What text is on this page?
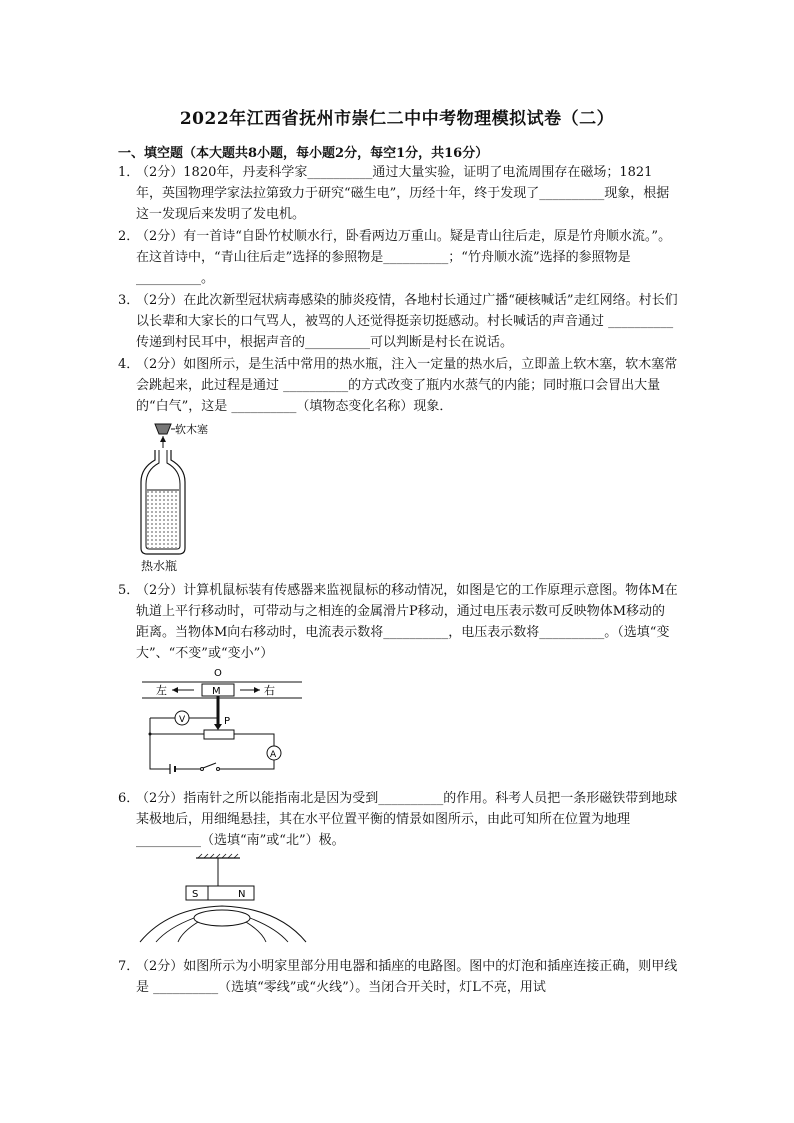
2022年江西省抚州市崇仁二中中考物理模拟试卷（二）
一、填空题（本大题共8小题，每小题2分，每空1分，共16分）
1．
（2分）1820年，丹麦科学家__________通过大量实验，证明了电流周围存在磁场；1821年，英国物理学家法拉第致力于研究“磁生电”，历经十年，终于发现了__________现象，根据这一发现后来发明了发电机。
2．
（2分）有一首诗“自卧竹杖顺水行，卧看两边万重山。疑是青山往后走，原是竹舟顺水流。”。在这首诗中，“青山往后走”选择的参照物是__________；“竹舟顺水流”选择的参照物是__________。
3．
（2分）在此次新型冠状病毒感染的肺炎疫情，各地村长通过广播“硬核喊话”走红网络。村长们以长辈和大家长的口气骂人，被骂的人还觉得挺亲切挺感动。村长喊话的声音通过 __________传递到村民耳中，根据声音的__________可以判断是村长在说话。
4．
（2分）如图所示，是生活中常用的热水瓶，注入一定量的热水后，立即盖上软木塞，软木塞常会跳起来，此过程是通过 __________的方式改变了瓶内水蒸气的内能；同时瓶口会冒出大量的“白气”，这是 __________（填物态变化名称）现象．
软木塞
热水瓶
5．
（2分）计算机鼠标装有传感器来监视鼠标的移动情况，如图是它的工作原理示意图。物体M在轨道上平行移动时，可带动与之相连的金属滑片P移动，通过电压表示数可反映物体M移动的距离。当物体M向右移动时，电流表示数将__________，电压表示数将__________。（选填“变大”、“不变”或“变小”）
O
左	M	右
P
V
A
6．
（2分）指南针之所以能指南北是因为受到__________的作用。科考人员把一条形磁铁带到地球某极地后，用细绳悬挂，其在水平位置平衡的情景如图所示，由此可知所在位置为地理__________（选填“南”或“北”）极。
S	N
7．
（2分）如图所示为小明家里部分用电器和插座的电路图。图中的灯泡和插座连接正确，则甲线是 __________（选填“零线”或“火线”）。当闭合开关时，灯L不亮，用试
